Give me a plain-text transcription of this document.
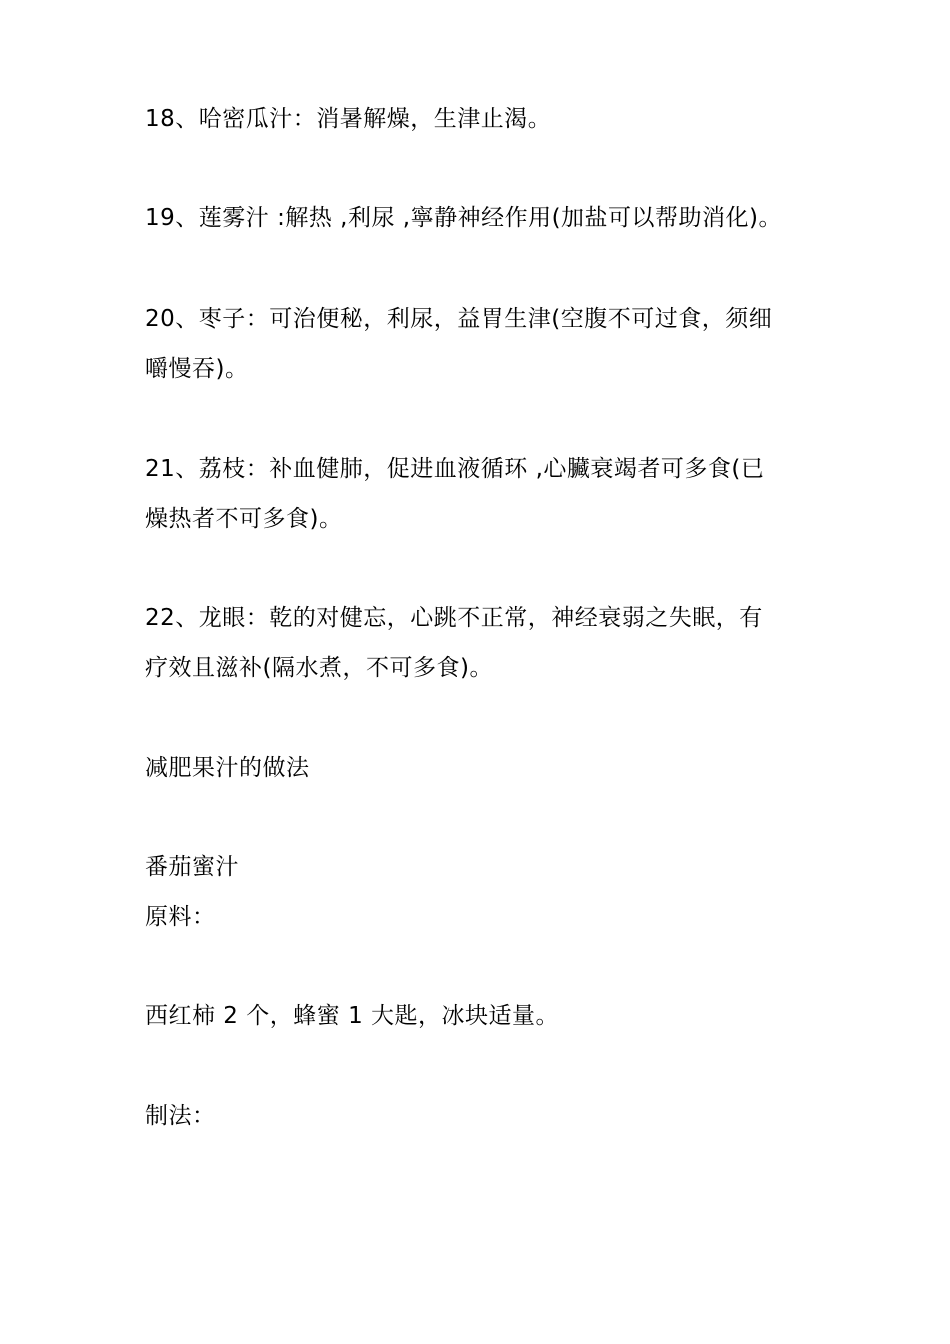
18、哈密瓜汁：消暑解燥，生津止渴。
19、莲雾汁 :解热 ,利尿 ,寧静神经作用(加盐可以帮助消化)。
20、枣子：可治便秘，利尿，益胃生津(空腹不可过食，须细
嚼慢吞)。
21、荔枝：补血健肺，促进血液循环 ,心臟衰竭者可多食(已
燥热者不可多食)。
22、龙眼：乾的对健忘，心跳不正常，神经衰弱之失眠，有
疗效且滋补(隔水煮，不可多食)。
减肥果汁的做法
番茄蜜汁
原料：
西红柿 2 个，蜂蜜 1 大匙，冰块适量。
制法：
